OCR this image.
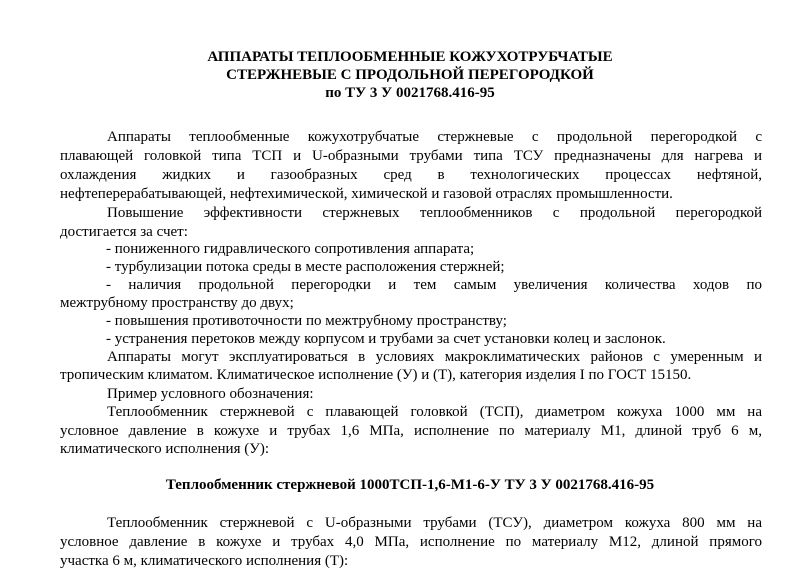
АППАРАТЫ ТЕПЛООБМЕННЫЕ КОЖУХОТРУБЧАТЫЕ
СТЕРЖНЕВЫЕ С ПРОДОЛЬНОЙ ПЕРЕГОРОДКОЙ
по ТУ 3 У 0021768.416-95
Аппараты теплообменные кожухотрубчатые стержневые с продольной перегородкой с
плавающей головкой типа ТСП и U-образными трубами типа ТСУ предназначены для нагрева и
охлаждения жидких и газообразных сред в технологических процессах нефтяной,
нефтеперерабатывающей, нефтехимической, химической и газовой отраслях промышленности.
Повышение эффективности стержневых теплообменников с продольной перегородкой
достигается за счет:
- пониженного гидравлического сопротивления аппарата;
- турбулизации потока среды в месте расположения стержней;
- наличия продольной перегородки и тем самым увеличения количества ходов по
межтрубному пространству до двух;
- повышения противоточности по межтрубному пространству;
- устранения перетоков между корпусом и трубами за счет установки колец и заслонок.
Аппараты могут эксплуатироваться в условиях макроклиматических районов с умеренным и
тропическим климатом. Климатическое исполнение (У) и (Т), категория изделия I по ГОСТ 15150.
Пример условного обозначения:
Теплообменник стержневой с плавающей головкой (ТСП), диаметром кожуха 1000 мм на
условное давление в кожухе и трубах 1,6 МПа, исполнение по материалу М1, длиной труб 6 м,
климатического исполнения (У):
Теплообменник стержневой 1000ТСП-1,6-М1-6-У ТУ 3 У 0021768.416-95
Теплообменник стержневой с U-образными трубами (ТСУ), диаметром кожуха 800 мм на
условное давление в кожухе и трубах 4,0 МПа, исполнение по материалу М12, длиной прямого
участка 6 м, климатического исполнения (Т):
